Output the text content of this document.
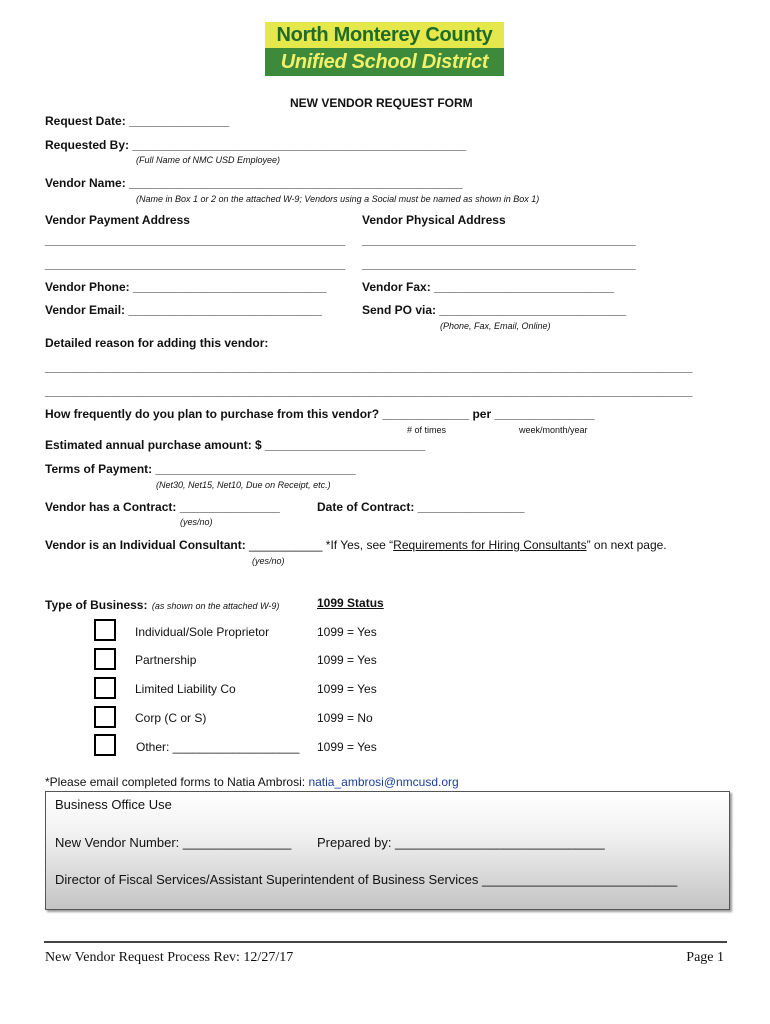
North Monterey County
Unified School District
NEW VENDOR REQUEST FORM
Request Date: _______________
Requested By: __________________________________________________
(Full Name of NMC USD Employee)
Vendor Name: __________________________________________________
(Name in Box 1 or 2 on the attached W-9; Vendors using a Social must be named as shown in Box 1)
Vendor Payment Address	Vendor Physical Address
_____________________________________________ _________________________________________
_____________________________________________ _________________________________________
Vendor Phone: _____________________________	Vendor Fax: ___________________________
Vendor Email: _____________________________	Send PO via: ____________________________
(Phone, Fax, Email, Online)
Detailed reason for adding this vendor:
_________________________________________________________________________________________________
_________________________________________________________________________________________________
How frequently do you plan to purchase from this vendor? _____________ per _______________
# of times	week/month/year
Estimated annual purchase amount: $ ________________________
Terms of Payment: ______________________________
(Net30, Net15, Net10, Due on Receipt, etc.)
Vendor has a Contract: _______________
(yes/no)
Date of Contract: ________________
Vendor is an Individual Consultant: ___________ *If Yes, see “Requirements for Hiring Consultants” on next page.
(yes/no)
Type of Business: (as shown on the attached W-9)	1099 Status
Individual/Sole Proprietor	1099 = Yes
Partnership	1099 = Yes
Limited Liability Co	1099 = Yes
Corp (C or S)	1099 = No
Other: ___________________ 1099 = Yes
*Please email completed forms to Natia Ambrosi: natia_ambrosi@nmcusd.org
Business Office Use
New Vendor Number: _______________ Prepared by: _____________________________
Director of Fiscal Services/Assistant Superintendent of Business Services ___________________________
New Vendor Request Process Rev: 12/27/17	Page 1
